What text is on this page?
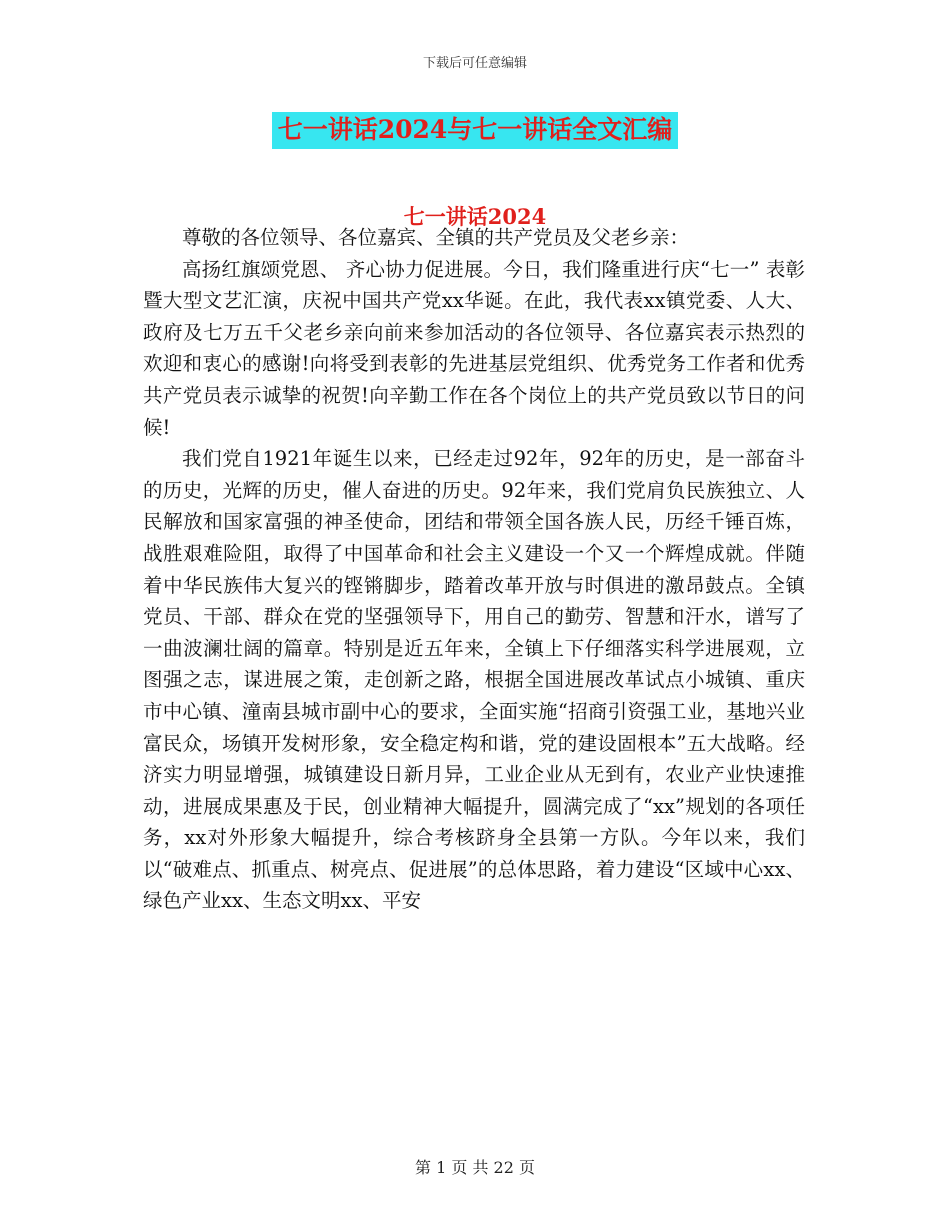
下载后可任意编辑
七一讲话2024与七一讲话全文汇编
七一讲话2024

尊敬的各位领导、各位嘉宾、全镇的共产党员及父老乡亲：

高扬红旗颂党恩、 齐心协力促进展。今日，我们隆重进行庆“七一” 表彰暨大型文艺汇演，庆祝中国共产党xx华诞。在此，我代表xx镇党委、人大、政府及七万五千父老乡亲向前来参加活动的各位领导、各位嘉宾表示热烈的欢迎和衷心的感谢!向将受到表彰的先进基层党组织、优秀党务工作者和优秀共产党员表示诚挚的祝贺!向辛勤工作在各个岗位上的共产党员致以节日的问候!

我们党自1921年诞生以来，已经走过92年，92年的历史，是一部奋斗的历史，光辉的历史，催人奋进的历史。92年来，我们党肩负民族独立、人民解放和国家富强的神圣使命，团结和带领全国各族人民，历经千锤百炼，战胜艰难险阻，取得了中国革命和社会主义建设一个又一个辉煌成就。伴随着中华民族伟大复兴的铿锵脚步，踏着改革开放与时俱进的激昂鼓点。全镇党员、干部、群众在党的坚强领导下，用自己的勤劳、智慧和汗水，谱写了一曲波澜壮阔的篇章。特别是近五年来，全镇上下仔细落实科学进展观，立图强之志，谋进展之策，走创新之路，根据全国进展改革试点小城镇、重庆市中心镇、潼南县城市副中心的要求，全面实施“招商引资强工业，基地兴业富民众，场镇开发树形象，安全稳定构和谐，党的建设固根本”五大战略。经济实力明显增强，城镇建设日新月异，工业企业从无到有，农业产业快速推动，进展成果惠及于民，创业精神大幅提升，圆满完成了“xx”规划的各项任务，xx对外形象大幅提升，综合考核跻身全县第一方队。今年以来，我们以“破难点、抓重点、树亮点、促进展”的总体思路，着力建设“区域中心xx、绿色产业xx、生态文明xx、平安

第 1 页 共 22 页
